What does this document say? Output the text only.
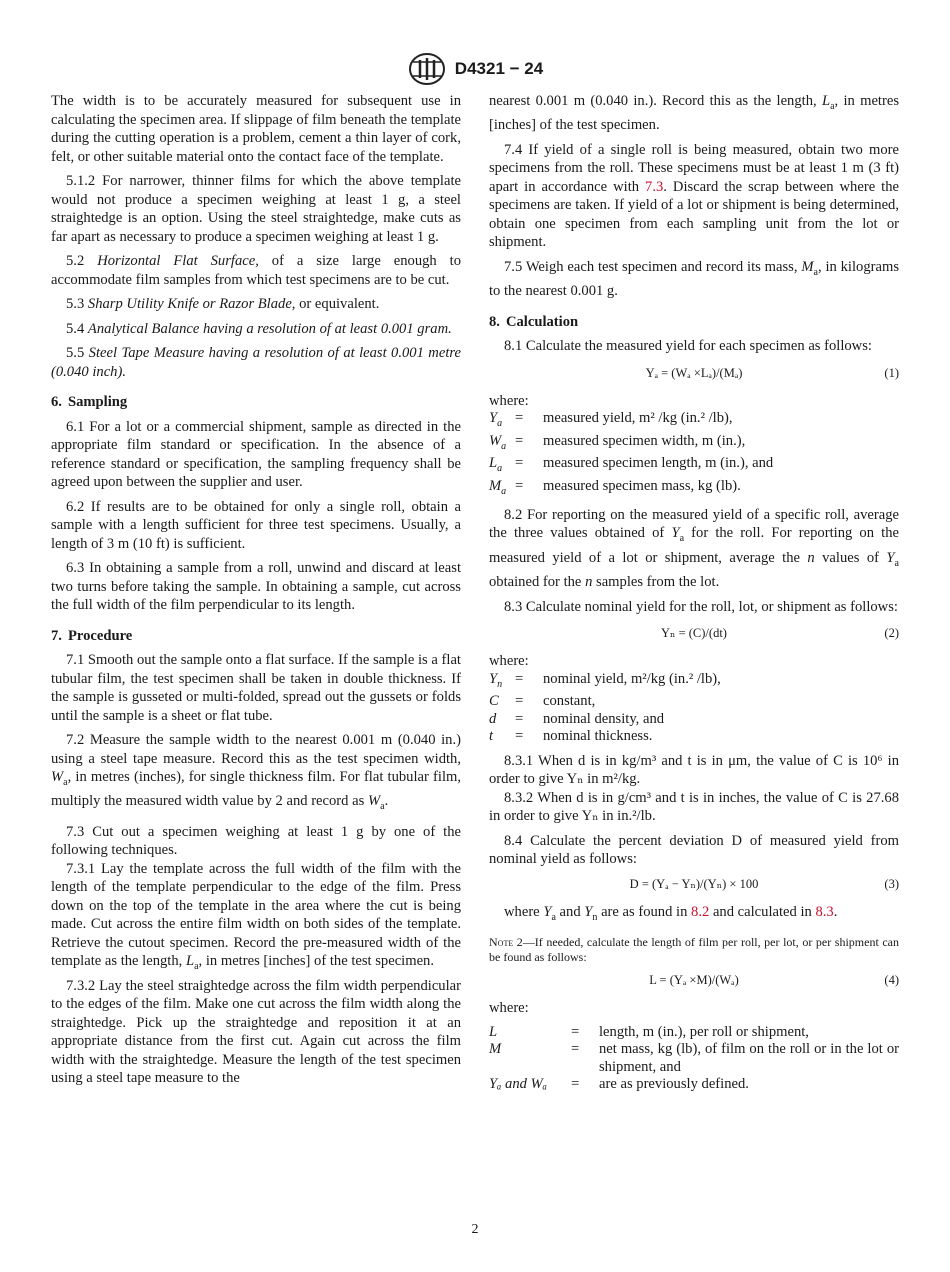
D4321 − 24

The width is to be accurately measured for subsequent use in calculating the specimen area. If slippage of film beneath the template during the cutting operation is a problem, cement a thin layer of cork, felt, or other suitable material onto the contact face of the template.

5.1.2 For narrower, thinner films for which the above template would not produce a specimen weighing at least 1 g, a steel straightedge is an option. Using the steel straightedge, make cuts as far apart as necessary to produce a specimen weighing at least 1 g.

5.2 Horizontal Flat Surface, of a size large enough to accommodate film samples from which test specimens are to be cut.

5.3 Sharp Utility Knife or Razor Blade, or equivalent.

5.4 Analytical Balance having a resolution of at least 0.001 gram.

5.5 Steel Tape Measure having a resolution of at least 0.001 metre (0.040 inch).

6. Sampling

6.1 For a lot or a commercial shipment, sample as directed in the appropriate film standard or specification. In the absence of a reference standard or specification, the sampling frequency shall be agreed upon between the supplier and user.

6.2 If results are to be obtained for only a single roll, obtain a sample with a length sufficient for three test specimens. Usually, a length of 3 m (10 ft) is sufficient.

6.3 In obtaining a sample from a roll, unwind and discard at least two turns before taking the sample. In obtaining a sample, cut across the full width of the film perpendicular to its length.

7. Procedure

7.1 Smooth out the sample onto a flat surface. If the sample is a flat tubular film, the test specimen shall be taken in double thickness. If the sample is gusseted or multi-folded, spread out the gussets or folds until the sample is a sheet or flat tube.

7.2 Measure the sample width to the nearest 0.001 m (0.040 in.) using a steel tape measure. Record this as the test specimen width, $W_a$, in metres (inches), for single thickness film. For flat tubular film, multiply the measured width value by 2 and record as $W_a$.

7.3 Cut out a specimen weighing at least 1 g by one of the following techniques.

7.3.1 Lay the template across the full width of the film with the length of the template perpendicular to the edge of the film. Press down on the top of the template in the area where the cut is being made. Cut across the entire film width on both sides of the template. Retrieve the cutout specimen. Record the pre-measured width of the template as the length, $L_a$, in metres [inches] of the test specimen.

7.3.2 Lay the steel straightedge across the film width perpendicular to the edges of the film. Make one cut across the film width along the straightedge. Pick up the straightedge and reposition it at an appropriate distance from the first cut. Again cut across the film width with the straightedge. Measure the length of the test specimen using a steel tape measure to the

nearest 0.001 m (0.040 in.). Record this as the length, $L_a$, in metres [inches] of the test specimen.

7.4 If yield of a single roll is being measured, obtain two more specimens from the roll. These specimens must be at least 1 m (3 ft) apart in accordance with 7.3. Discard the scrap between where the specimens are taken. If yield of a lot or shipment is being determined, obtain one specimen from each sampling unit from the lot or shipment.

7.5 Weigh each test specimen and record its mass, $M_a$, in kilograms to the nearest 0.001 g.

8. Calculation

8.1 Calculate the measured yield for each specimen as follows:

Yₐ = (Wₐ ×Lₐ)/(Mₐ)	(1)

where:

$Y_a$	=	measured yield, m² /kg (in.² /lb),
$W_a$	=	measured specimen width, m (in.),
$L_a$	=	measured specimen length, m (in.), and
$M_a$	=	measured specimen mass, kg (lb).

8.2 For reporting on the measured yield of a specific roll, average the three values obtained of $Y_a$ for the roll. For reporting on the measured yield of a lot or shipment, average the n values of $Y_a$ obtained for the n samples from the lot.

8.3 Calculate nominal yield for the roll, lot, or shipment as follows:

Yₙ = (C)/(dt)	(2)

where:

$Y_n$	=	nominal yield, m²/kg (in.² /lb),
C	=	constant,
d	=	nominal density, and
t	=	nominal thickness.

8.3.1 When d is in kg/m³ and t is in μm, the value of C is 10⁶ in order to give Yₙ in m²/kg.

8.3.2 When d is in g/cm³ and t is in inches, the value of C is 27.68 in order to give Yₙ in in.²/lb.

8.4 Calculate the percent deviation D of measured yield from nominal yield as follows:

D = (Yₐ − Yₙ)/(Yₙ) × 100	(3)

where $Y_a$ and $Y_n$ are as found in 8.2 and calculated in 8.3.

Note 2—If needed, calculate the length of film per roll, per lot, or per shipment can be found as follows:

L = (Yₐ ×M)/(Wₐ)	(4)

where:

L	=	length, m (in.), per roll or shipment,
M	=	net mass, kg (lb), of film on the roll or in the lot or shipment, and
Yₐ and Wₐ	=	are as previously defined.
2
